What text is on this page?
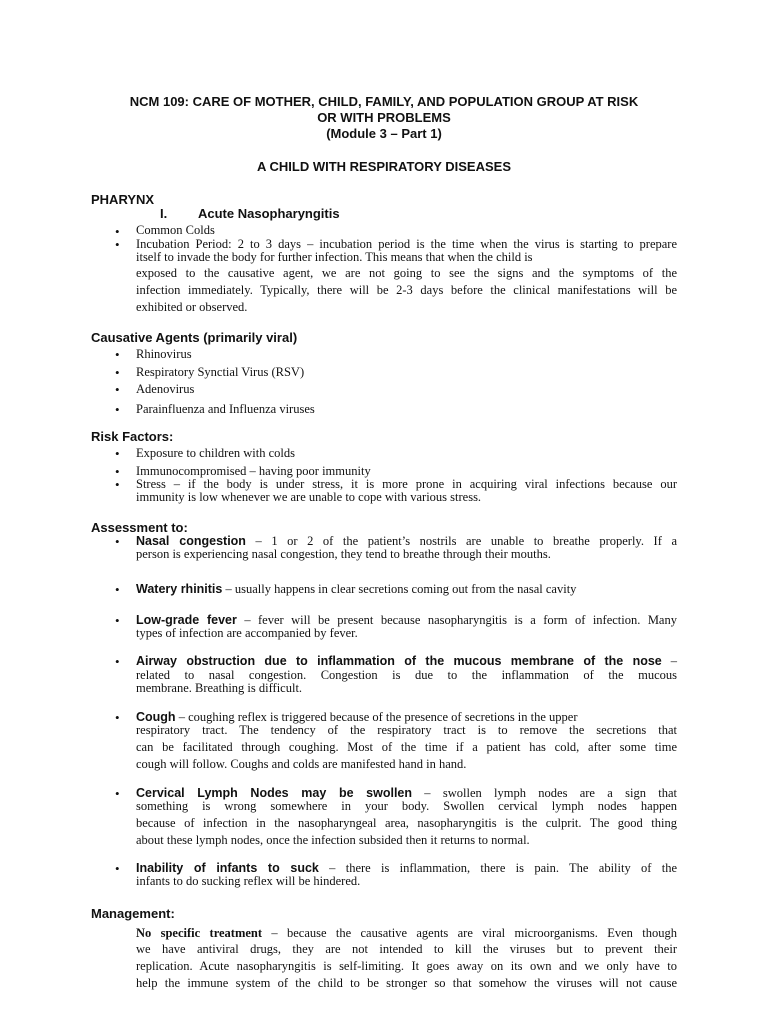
NCM 109: CARE OF MOTHER, CHILD, FAMILY, AND POPULATION GROUP AT RISK
OR WITH PROBLEMS
(Module 3 – Part 1)
A CHILD WITH RESPIRATORY DISEASES
PHARYNX
I. Acute Nasopharyngitis
• Common Colds
• Incubation Period: 2 to 3 days – incubation period is the time when the virus is starting to prepare
itself to invade the body for further infection. This means that when the child is
exposed to the causative agent, we are not going to see the signs and the symptoms of the
infection immediately. Typically, there will be 2-3 days before the clinical manifestations will be
exhibited or observed.
Causative Agents (primarily viral)
• Rhinovirus
• Respiratory Synctial Virus (RSV)
• Adenovirus
• Parainfluenza and Influenza viruses
Risk Factors:
• Exposure to children with colds
• Immunocompromised – having poor immunity
• Stress – if the body is under stress, it is more prone in acquiring viral infections because our
immunity is low whenever we are unable to cope with various stress.
Assessment to:
• Nasal congestion – 1 or 2 of the patient’s nostrils are unable to breathe properly. If a
person is experiencing nasal congestion, they tend to breathe through their mouths.
• Watery rhinitis – usually happens in clear secretions coming out from the nasal cavity
• Low-grade fever – fever will be present because nasopharyngitis is a form of infection. Many
types of infection are accompanied by fever.
• Airway obstruction due to inflammation of the mucous membrane of the nose –
related to nasal congestion. Congestion is due to the inflammation of the mucous
membrane. Breathing is difficult.
• Cough – coughing reflex is triggered because of the presence of secretions in the upper
respiratory tract. The tendency of the respiratory tract is to remove the secretions that
can be facilitated through coughing. Most of the time if a patient has cold, after some time
cough will follow. Coughs and colds are manifested hand in hand.
• Cervical Lymph Nodes may be swollen – swollen lymph nodes are a sign that
something is wrong somewhere in your body. Swollen cervical lymph nodes happen
because of infection in the nasopharyngeal area, nasopharyngitis is the culprit. The good thing
about these lymph nodes, once the infection subsided then it returns to normal.
• Inability of infants to suck – there is inflammation, there is pain. The ability of the
infants to do sucking reflex will be hindered.
Management:
No specific treatment – because the causative agents are viral microorganisms. Even though
we have antiviral drugs, they are not intended to kill the viruses but to prevent their
replication. Acute nasopharyngitis is self-limiting. It goes away on its own and we only have to
help the immune system of the child to be stronger so that somehow the viruses will not cause
